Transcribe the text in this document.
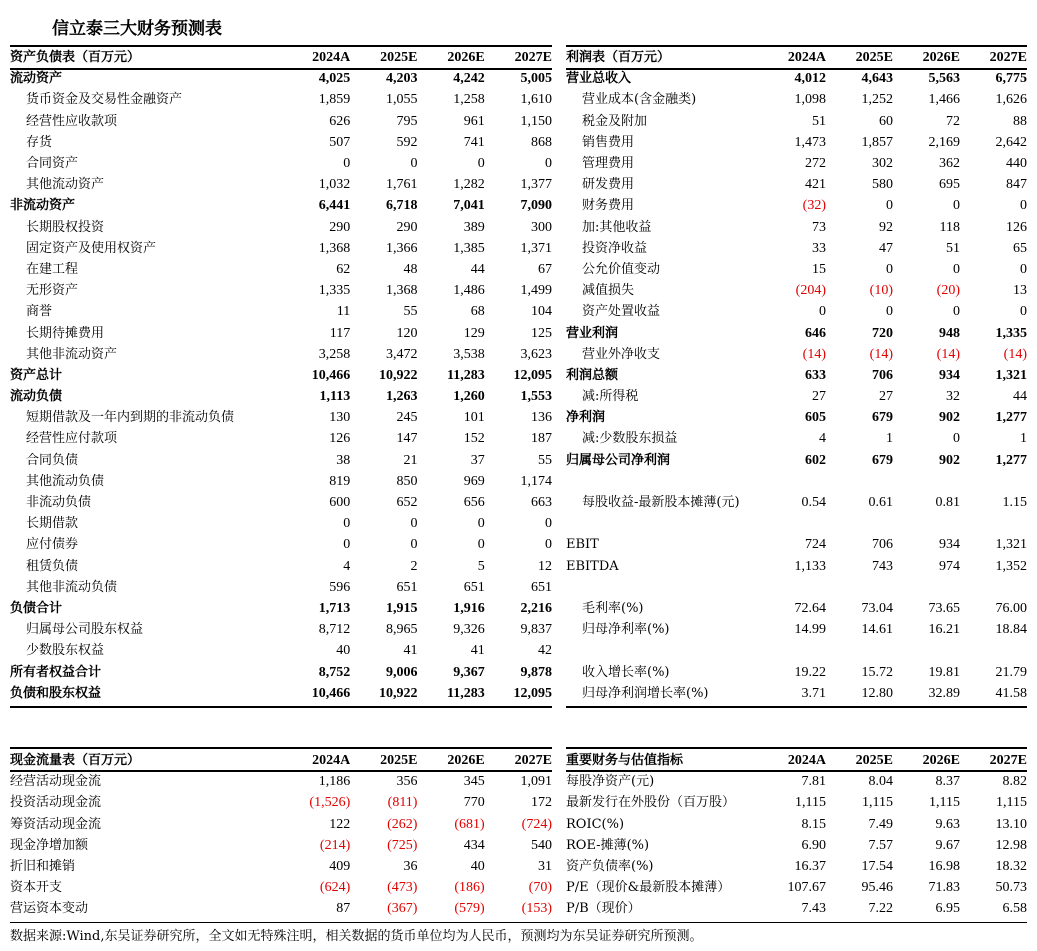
信立泰三大财务预测表
资产负债表（百万元）	2024A	2025E	2026E	2027E
流动资产	4,025	4,203	4,242	5,005
货币资金及交易性金融资产	1,859	1,055	1,258	1,610
经营性应收款项	626	795	961	1,150
存货	507	592	741	868
合同资产	0	0	0	0
其他流动资产	1,032	1,761	1,282	1,377
非流动资产	6,441	6,718	7,041	7,090
长期股权投资	290	290	389	300
固定资产及使用权资产	1,368	1,366	1,385	1,371
在建工程	62	48	44	67
无形资产	1,335	1,368	1,486	1,499
商誉	11	55	68	104
长期待摊费用	117	120	129	125
其他非流动资产	3,258	3,472	3,538	3,623
资产总计	10,466	10,922	11,283	12,095
流动负债	1,113	1,263	1,260	1,553
短期借款及一年内到期的非流动负债	130	245	101	136
经营性应付款项	126	147	152	187
合同负债	38	21	37	55
其他流动负债	819	850	969	1,174
非流动负债	600	652	656	663
长期借款	0	0	0	0
应付债券	0	0	0	0
租赁负债	4	2	5	12
其他非流动负债	596	651	651	651
负债合计	1,713	1,915	1,916	2,216
归属母公司股东权益	8,712	8,965	9,326	9,837
少数股东权益	40	41	41	42
所有者权益合计	8,752	9,006	9,367	9,878
负债和股东权益	10,466	10,922	11,283	12,095
利润表（百万元）	2024A	2025E	2026E	2027E
营业总收入	4,012	4,643	5,563	6,775
营业成本(含金融类)	1,098	1,252	1,466	1,626
税金及附加	51	60	72	88
销售费用	1,473	1,857	2,169	2,642
管理费用	272	302	362	440
研发费用	421	580	695	847
财务费用	(32)	0	0	0
加:其他收益	73	92	118	126
投资净收益	33	47	51	65
公允价值变动	15	0	0	0
减值损失	(204)	(10)	(20)	13
资产处置收益	0	0	0	0
营业利润	646	720	948	1,335
营业外净收支	(14)	(14)	(14)	(14)
利润总额	633	706	934	1,321
减:所得税	27	27	32	44
净利润	605	679	902	1,277
减:少数股东损益	4	1	0	1
归属母公司净利润	602	679	902	1,277

每股收益-最新股本摊薄(元)	0.54	0.61	0.81	1.15

EBIT	724	706	934	1,321
EBITDA	1,133	743	974	1,352

毛利率(%)	72.64	73.04	73.65	76.00
归母净利率(%)	14.99	14.61	16.21	18.84

收入增长率(%)	19.22	15.72	19.81	21.79
归母净利润增长率(%)	3.71	12.80	32.89	41.58
现金流量表（百万元）	2024A	2025E	2026E	2027E
经营活动现金流	1,186	356	345	1,091
投资活动现金流	(1,526)	(811)	770	172
筹资活动现金流	122	(262)	(681)	(724)
现金净增加额	(214)	(725)	434	540
折旧和摊销	409	36	40	31
资本开支	(624)	(473)	(186)	(70)
营运资本变动	87	(367)	(579)	(153)
重要财务与估值指标	2024A	2025E	2026E	2027E
每股净资产(元)	7.81	8.04	8.37	8.82
最新发行在外股份（百万股）	1,115	1,115	1,115	1,115
ROIC(%)	8.15	7.49	9.63	13.10
ROE-摊薄(%)	6.90	7.57	9.67	12.98
资产负债率(%)	16.37	17.54	16.98	18.32
P/E（现价&最新股本摊薄）	107.67	95.46	71.83	50.73
P/B（现价）	7.43	7.22	6.95	6.58
数据来源:Wind,东吴证券研究所，全文如无特殊注明，相关数据的货币单位均为人民币，预测均为东吴证券研究所预测。
